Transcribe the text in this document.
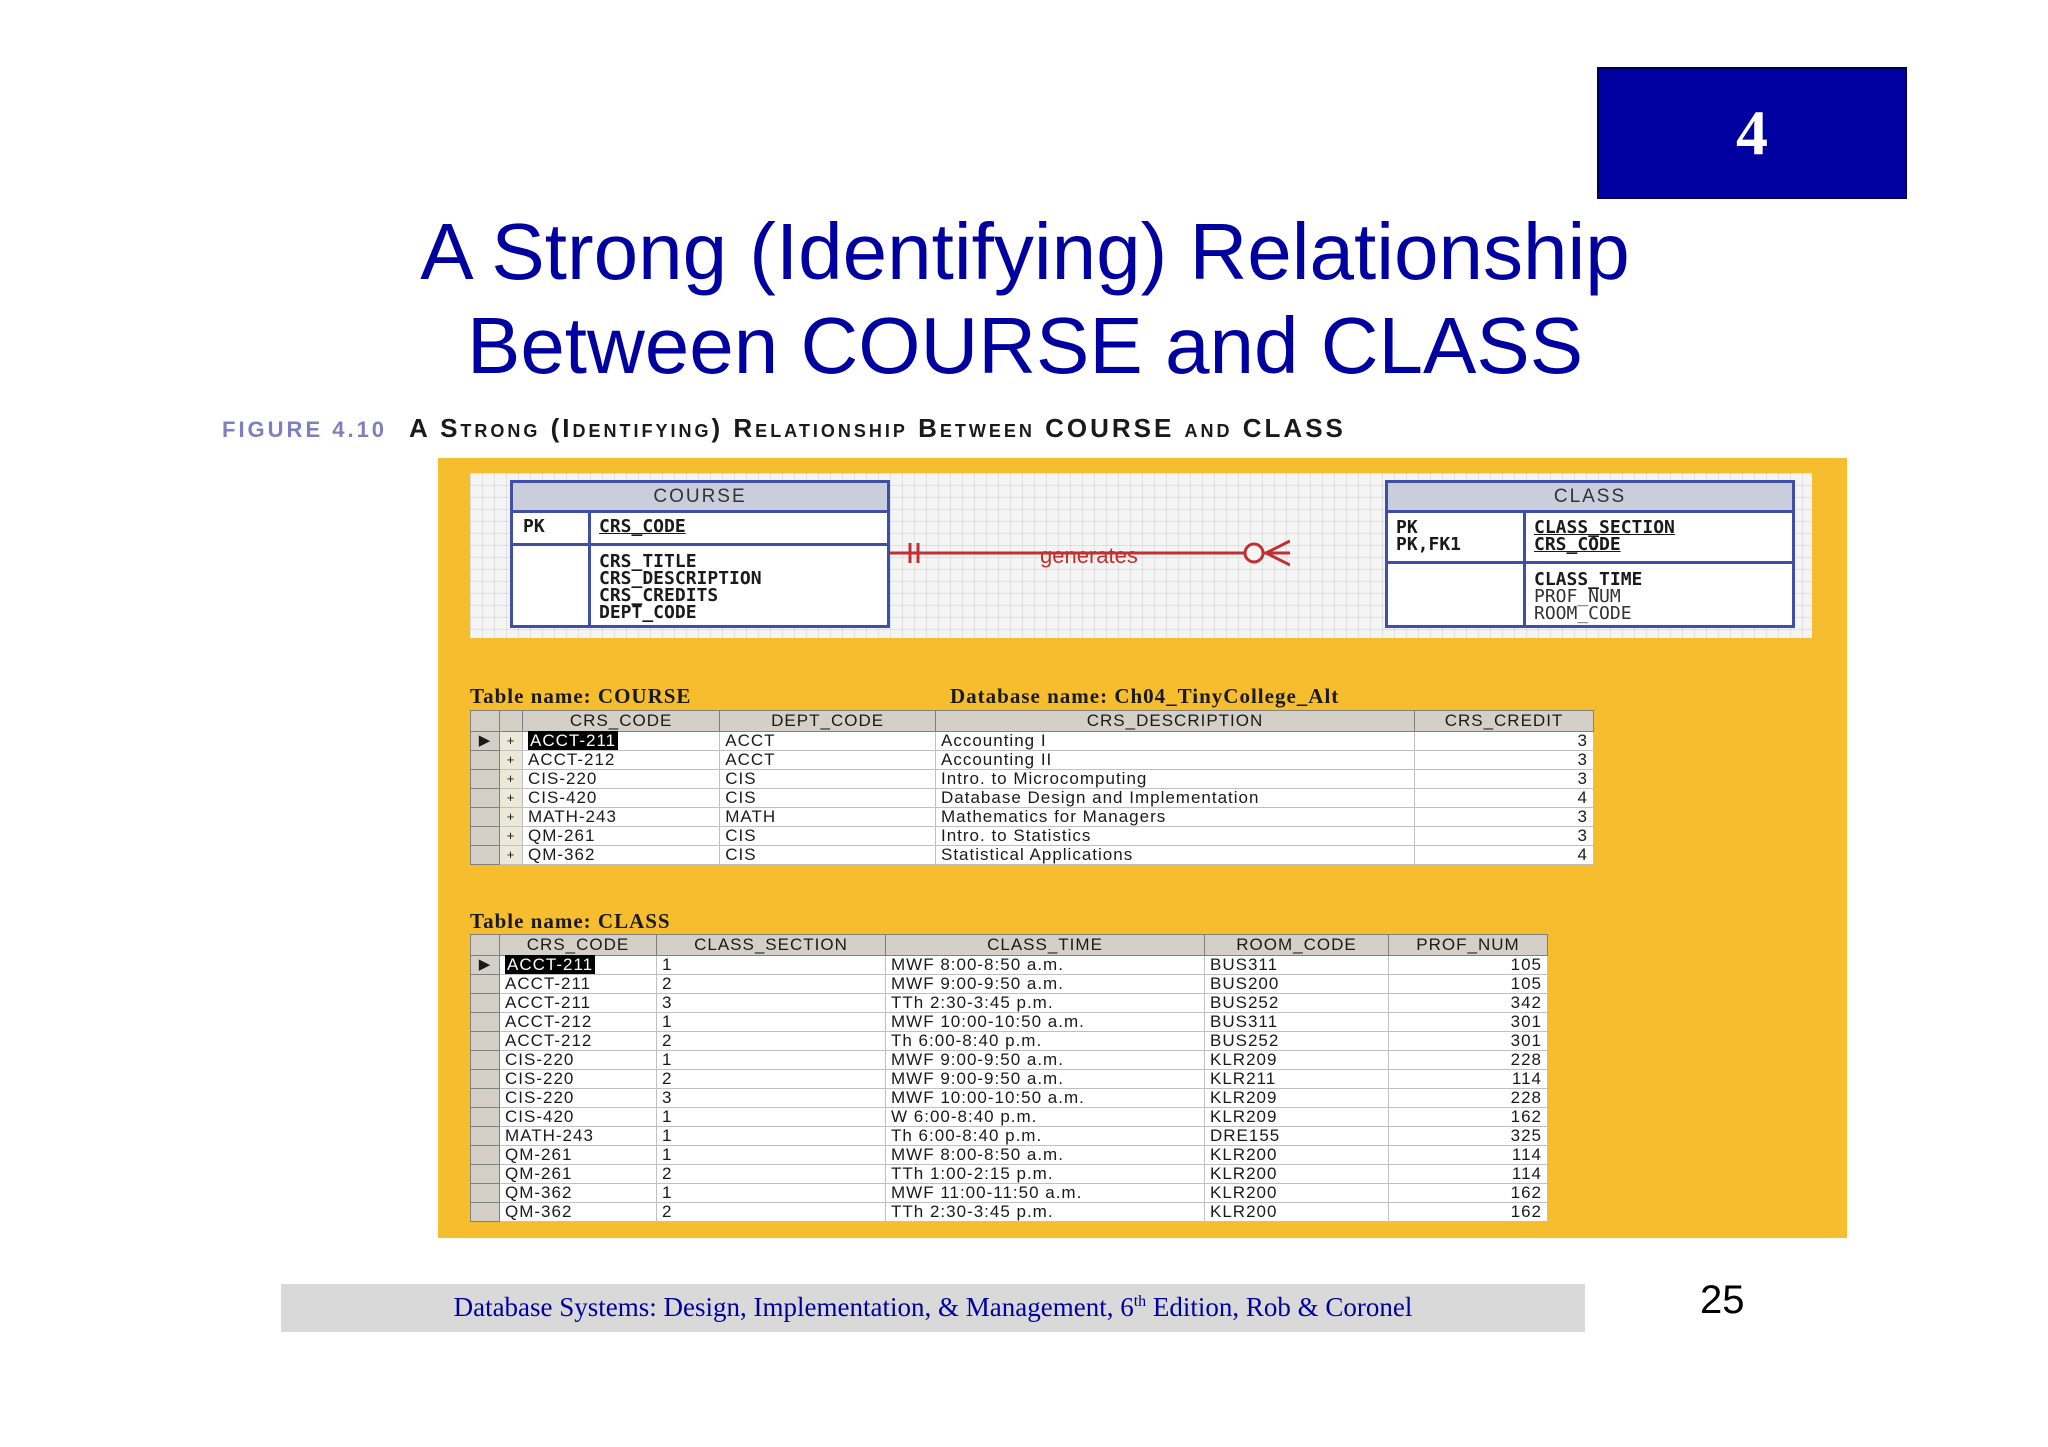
4
A Strong (Identifying) Relationship
Between COURSE and CLASS
FIGURE 4.10 A Strong (Identifying) Relationship Between COURSE and CLASS
COURSE
PK	CRS_CODE
CRS_TITLE
CRS_DESCRIPTION
CRS_CREDITS
DEPT_CODE
generates
CLASS
PK
PK,FK1
CLASS_SECTION
CRS_CODE
CLASS_TIME
PROF_NUM
ROOM_CODE
Table name: COURSE	Database name: Ch04_TinyCollege_Alt
		CRS_CODE	DEPT_CODE	CRS_DESCRIPTION	CRS_CREDIT
▶	+	ACCT-211	ACCT	Accounting I	3
	+	ACCT-212	ACCT	Accounting II	3
	+	CIS-220	CIS	Intro. to Microcomputing	3
	+	CIS-420	CIS	Database Design and Implementation	4
	+	MATH-243	MATH	Mathematics for Managers	3
	+	QM-261	CIS	Intro. to Statistics	3
	+	QM-362	CIS	Statistical Applications	4
Table name: CLASS
	CRS_CODE	CLASS_SECTION	CLASS_TIME	ROOM_CODE	PROF_NUM
▶	ACCT-211	1	MWF 8:00-8:50 a.m.	BUS311	105
	ACCT-211	2	MWF 9:00-9:50 a.m.	BUS200	105
	ACCT-211	3	TTh 2:30-3:45 p.m.	BUS252	342
	ACCT-212	1	MWF 10:00-10:50 a.m.	BUS311	301
	ACCT-212	2	Th 6:00-8:40 p.m.	BUS252	301
	CIS-220	1	MWF 9:00-9:50 a.m.	KLR209	228
	CIS-220	2	MWF 9:00-9:50 a.m.	KLR211	114
	CIS-220	3	MWF 10:00-10:50 a.m.	KLR209	228
	CIS-420	1	W 6:00-8:40 p.m.	KLR209	162
	MATH-243	1	Th 6:00-8:40 p.m.	DRE155	325
	QM-261	1	MWF 8:00-8:50 a.m.	KLR200	114
	QM-261	2	TTh 1:00-2:15 p.m.	KLR200	114
	QM-362	1	MWF 11:00-11:50 a.m.	KLR200	162
	QM-362	2	TTh 2:30-3:45 p.m.	KLR200	162
Database Systems: Design, Implementation, & Management, 6th Edition, Rob & Coronel	25
